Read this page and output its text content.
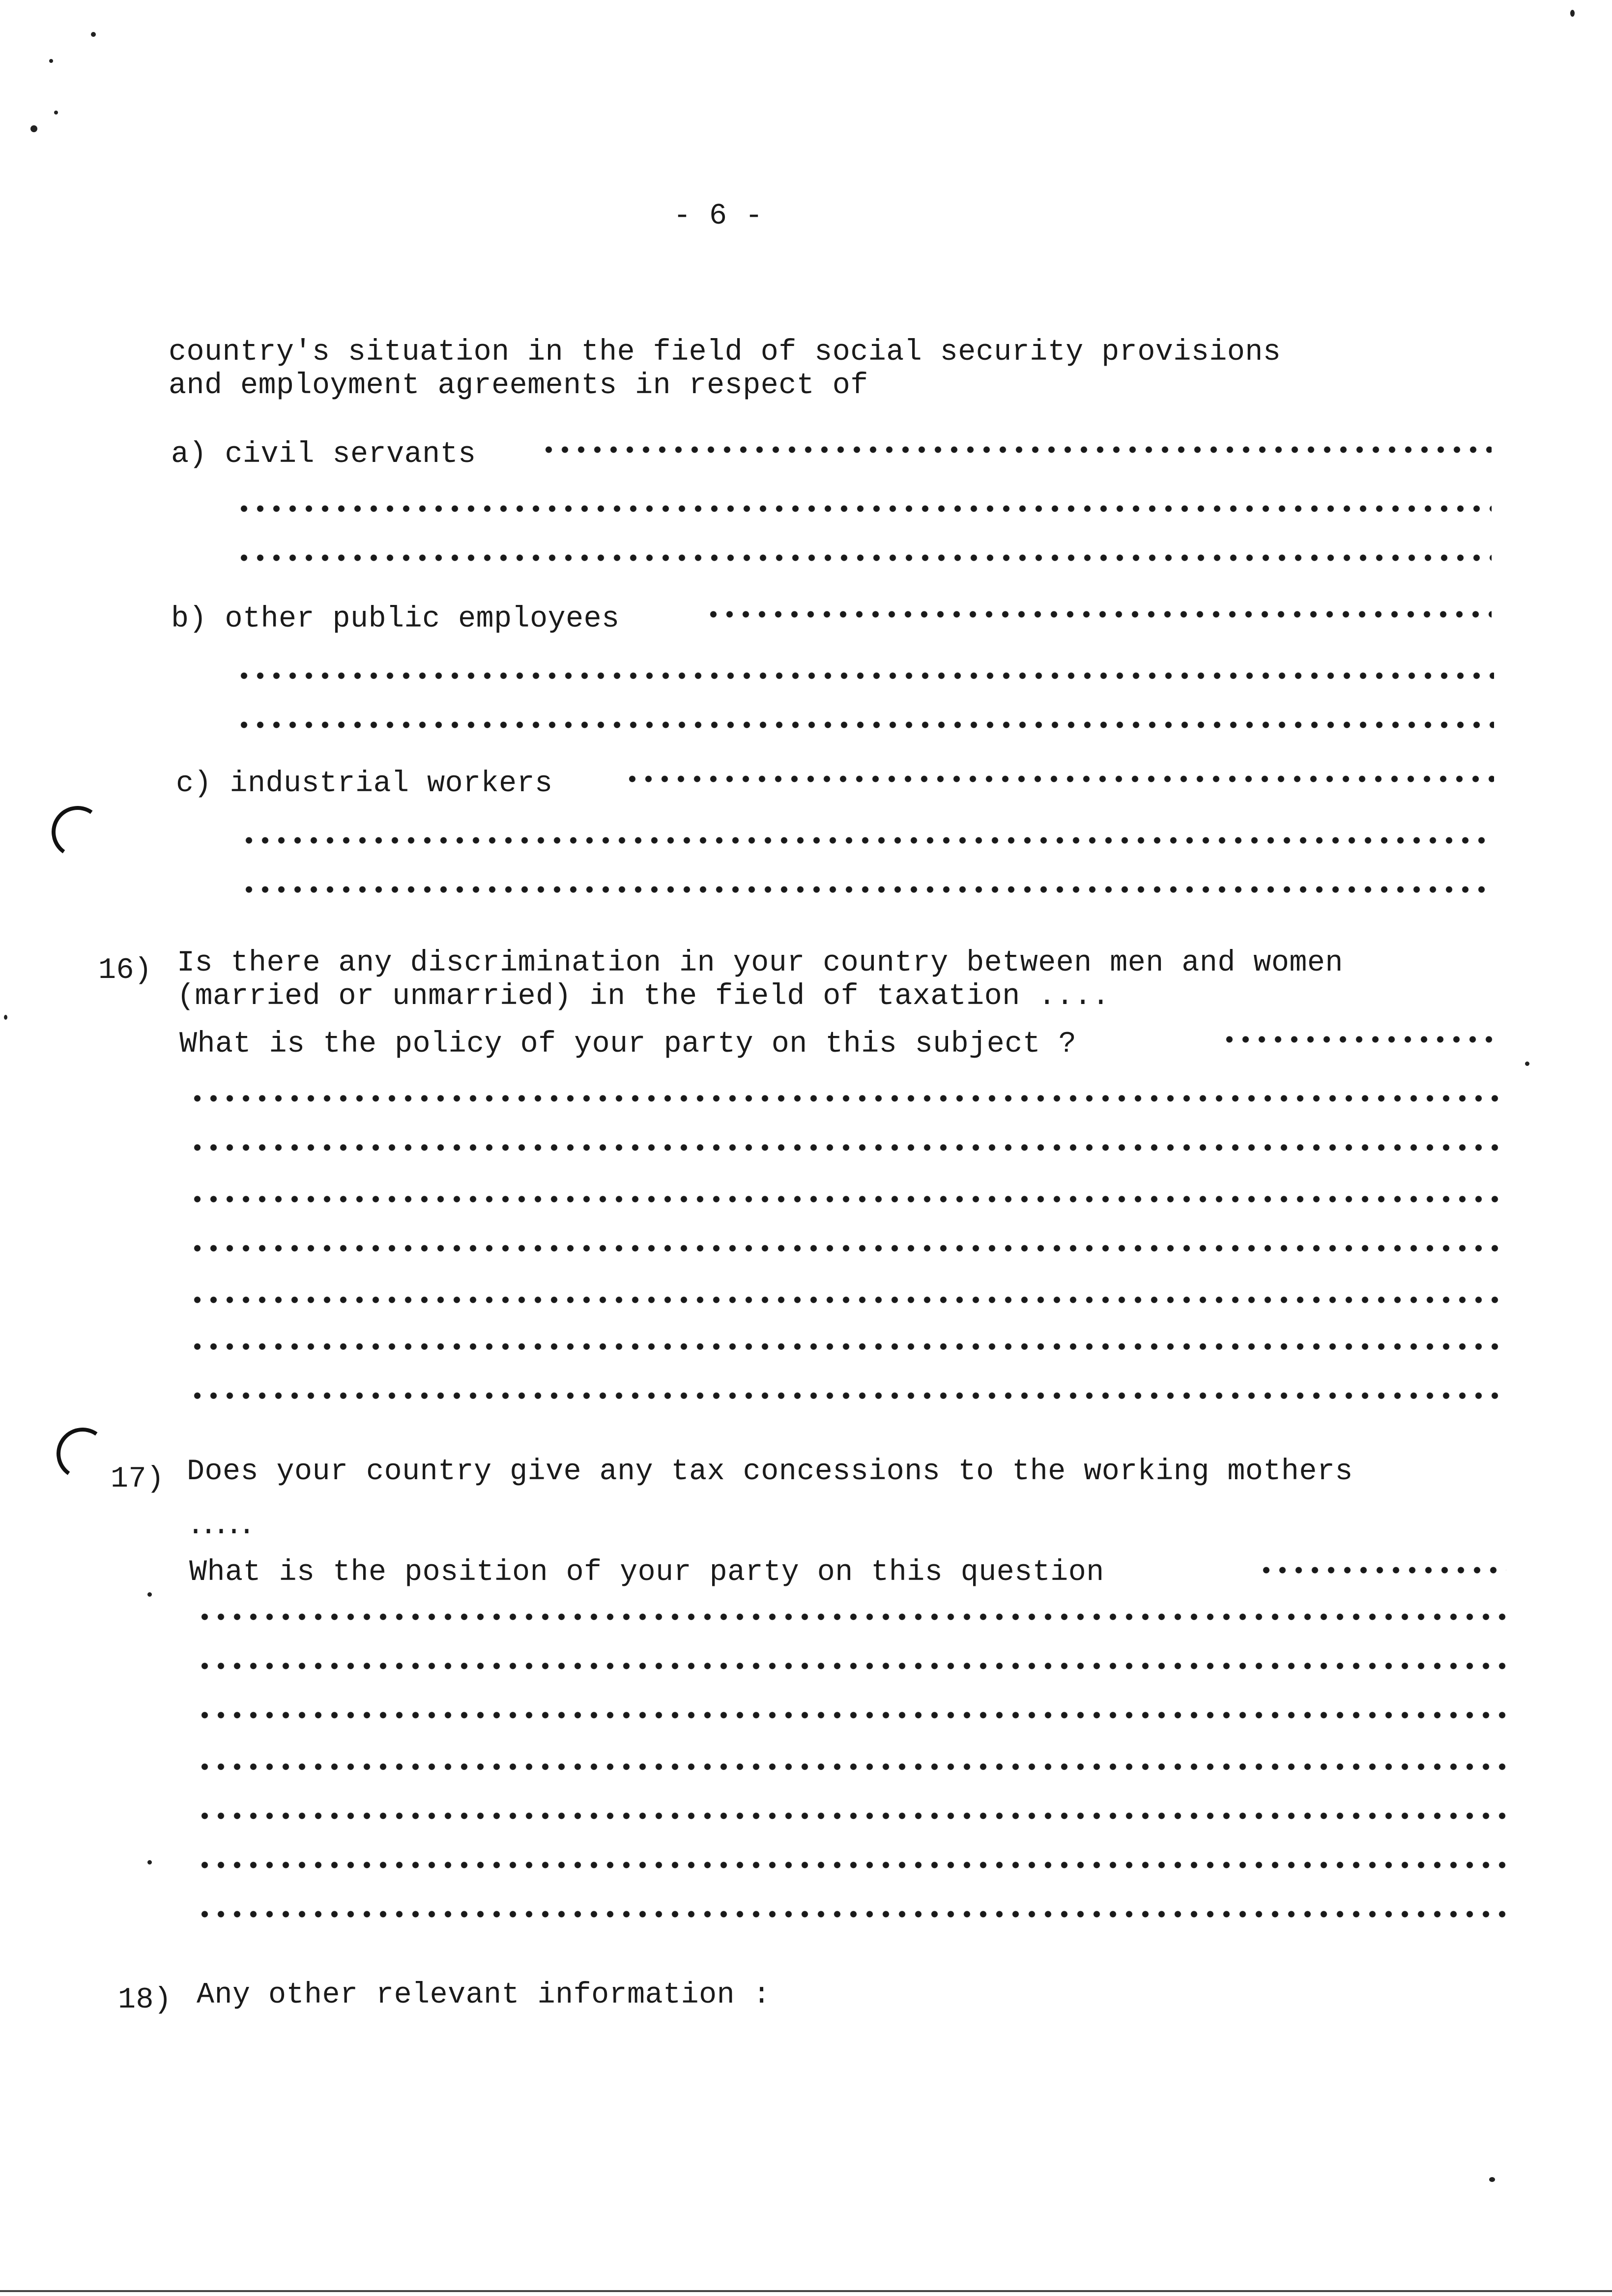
- 6 -
country's situation in the field of social security provisions
and employment agreements in respect of
a) civil servants
b) other public employees
c) industrial workers
16) Is there any discrimination in your country between men and women
(married or unmarried) in the field of taxation ....
What is the policy of your party on this subject ?
17) Does your country give any tax concessions to the working mothers
.....
What is the position of your party on this question
18) Any other relevant information :
